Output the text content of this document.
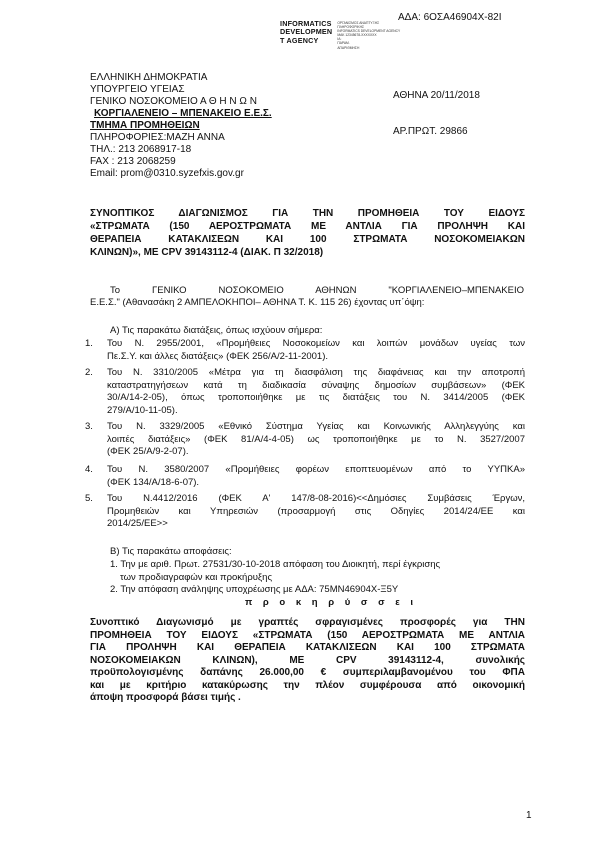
ΑΔΑ: 6ΟΣΑ46904Χ-82Ι
INFORMATICS
DEVELOPMEN
T AGENCY
ΟΡΓΑΝΙΣΜΟΣ ΑΝΑΠΤΥΞΗΣ
ΠΛΗΡΟΦΟΡΙΚΗΣ
INFORMATICS DEVELOPMENT AGENCY
ΜΑΚ 12345678-XXXXXXX
ΙΑ:
ΠΑΡΑΜ.
ΑΠΑΡΙΘΜΗΣΗ
ΕΛΛΗΝΙΚΗ ΔΗΜΟΚΡΑΤΙΑ
ΥΠΟΥΡΓΕΙΟ ΥΓΕΙΑΣ
ΓΕΝΙΚΟ ΝΟΣΟΚΟΜΕΙΟ Α Θ Η Ν Ω Ν
ΚΟΡΓΙΑΛΕΝΕΙΟ – ΜΠΕΝΑΚΕΙΟ Ε.Ε.Σ.
ΤΜΗΜΑ ΠΡΟΜΗΘΕΙΩΝ
ΠΛΗΡΟΦΟΡΙΕΣ:ΜΑΖΗ ΑΝΝΑ
ΤΗΛ.: 213 2068917-18
FAX : 213 2068259
Email: prom@0310.syzefxis.gov.gr
ΑΘΗΝΑ 20/11/2018
ΑΡ.ΠΡΩΤ. 29866
ΣΥΝΟΠΤΙΚΟΣ ΔΙΑΓΩΝΙΣΜΟΣ ΓΙΑ ΤΗΝ ΠΡΟΜΗΘΕΙΑ ΤΟΥ ΕΙΔΟΥΣ
«ΣΤΡΩΜΑΤΑ (150 ΑΕΡΟΣΤΡΩΜΑΤΑ ΜΕ ΑΝΤΛΙΑ ΓΙΑ ΠΡΟΛΗΨΗ ΚΑΙ
ΘΕΡΑΠΕΙΑ ΚΑΤΑΚΛΙΣΕΩΝ ΚΑΙ 100 ΣΤΡΩΜΑΤΑ ΝΟΣΟΚΟΜΕΙΑΚΩΝ
ΚΛΙΝΩΝ)», ΜΕ CPV 39143112-4 (ΔΙΑΚ. Π 32/2018)
Το ΓΕΝΙΚΟ ΝΟΣΟΚΟΜΕΙΟ ΑΘΗΝΩΝ "ΚΟΡΓΙΑΛΕΝΕΙΟ–ΜΠΕΝΑΚΕΙΟ
Ε.Ε.Σ." (Αθανασάκη 2 ΑΜΠΕΛΟΚΗΠΟΙ– ΑΘΗΝΑ Τ. Κ. 115 26) έχοντας υπ΄όψη:
Α) Τις παρακάτω διατάξεις, όπως ισχύουν σήμερα:
1. Του Ν. 2955/2001, «Προμήθειες Νοσοκομείων και λοιπών μονάδων υγείας των
Πε.Σ.Υ. και άλλες διατάξεις» (ΦΕΚ 256/Α/2-11-2001).
2. Του Ν. 3310/2005 «Μέτρα για τη διασφάλιση της διαφάνειας και την αποτροπή
καταστρατηγήσεων κατά τη διαδικασία σύναψης δημοσίων συμβάσεων» (ΦΕΚ
30/Α/14-2-05), όπως τροποποιήθηκε με τις διατάξεις του Ν. 3414/2005 (ΦΕΚ
279/Α/10-11-05).
3. Του Ν. 3329/2005 «Εθνικό Σύστημα Υγείας και Κοινωνικής Αλληλεγγύης και
λοιπές διατάξεις» (ΦΕΚ 81/Α/4-4-05) ως τροποποιήθηκε με το Ν. 3527/2007
(ΦΕΚ 25/Α/9-2-07).
4. Του Ν. 3580/2007 «Προμήθειες φορέων εποπτευομένων από το ΥΥΠΚΑ»
(ΦΕΚ 134/Α/18-6-07).
5. Του Ν.4412/2016 (ΦΕΚ Α' 147/8-08-2016)<<Δημόσιες Συμβάσεις Έργων,
Προμηθειών και Υπηρεσιών (προσαρμογή στις Οδηγίες 2014/24/ΕΕ και
2014/25/ΕΕ>>
Β) Τις παρακάτω αποφάσεις:
1. Την με αριθ. Πρωτ. 27531/30-10-2018 απόφαση του Διοικητή, περί έγκρισης
των προδιαγραφών και προκήρυξης
2. Την απόφαση ανάληψης υποχρέωσης με ΑΔΑ: 75ΜΝ46904Χ-Ξ5Υ
π ρ ο κ η ρ ύ σ σ ε ι
Συνοπτικό Διαγωνισμό με γραπτές σφραγισμένες προσφορές για ΤΗΝ
ΠΡΟΜΗΘΕΙΑ ΤΟΥ ΕΙΔΟΥΣ «ΣΤΡΩΜΑΤΑ (150 ΑΕΡΟΣΤΡΩΜΑΤΑ ΜΕ ΑΝΤΛΙΑ
ΓΙΑ ΠΡΟΛΗΨΗ ΚΑΙ ΘΕΡΑΠΕΙΑ ΚΑΤΑΚΛΙΣΕΩΝ ΚΑΙ 100 ΣΤΡΩΜΑΤΑ
ΝΟΣΟΚΟΜΕΙΑΚΩΝ ΚΛΙΝΩΝ), ΜΕ CPV 39143112-4, συνολικής
προϋπολογισμένης δαπάνης 26.000,00 € συμπεριλαμβανομένου του ΦΠΑ
και με κριτήριο κατακύρωσης την πλέον συμφέρουσα από οικονομική
άποψη προσφορά βάσει τιμής .
1
